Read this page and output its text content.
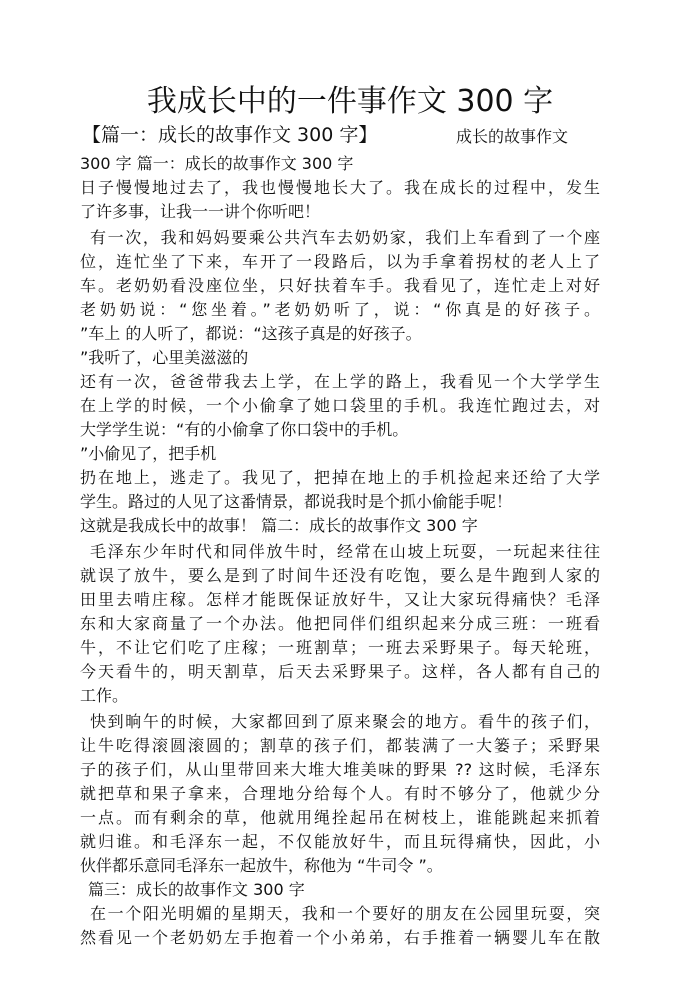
我成长中的一件事作文 300 字
【篇一：成长的故事作文 300 字】	成长的故事作文
300 字 篇一：成长的故事作文 300 字
日子慢慢地过去了，我也慢慢地长大了。我在成长的过程中，发生
了许多事，让我一一讲个你听吧！
有一次，我和妈妈要乘公共汽车去奶奶家，我们上车看到了一个座
位，连忙坐了下来，车开了一段路后，以为手拿着拐杖的老人上了
车。老奶奶看没座位坐，只好扶着车手。我看见了，连忙走上对好
老奶奶说：“您坐着。”老奶奶听了，说：“你真是的好孩子。
”车上 的人听了，都说：“这孩子真是的好孩子。
”我听了，心里美滋滋的
还有一次，爸爸带我去上学，在上学的路上，我看见一个大学学生
在上学的时候，一个小偷拿了她口袋里的手机。我连忙跑过去，对
大学学生说：“有的小偷拿了你口袋中的手机。
”小偷见了，把手机
扔在地上，逃走了。我见了，把掉在地上的手机捡起来还给了大学
学生。路过的人见了这番情景，都说我时是个抓小偷能手呢！
这就是我成长中的故事！ 篇二：成长的故事作文 300 字
毛泽东少年时代和同伴放牛时，经常在山坡上玩耍，一玩起来往往
就误了放牛，要么是到了时间牛还没有吃饱，要么是牛跑到人家的
田里去啃庄稼。怎样才能既保证放好牛，又让大家玩得痛快？毛泽
东和大家商量了一个办法。他把同伴们组织起来分成三班：一班看
牛，不让它们吃了庄稼；一班割草；一班去采野果子。每天轮班，
今天看牛的，明天割草，后天去采野果子。这样，各人都有自己的
工作。
快到晌午的时候，大家都回到了原来聚会的地方。看牛的孩子们，
让牛吃得滚圆滚圆的；割草的孩子们，都装满了一大篓子；采野果
子的孩子们，从山里带回来大堆大堆美味的野果 ?? 这时候，毛泽东
就把草和果子拿来，合理地分给每个人。有时不够分了，他就少分
一点。而有剩余的草，他就用绳拴起吊在树枝上，谁能跳起来抓着
就归谁。和毛泽东一起，不仅能放好牛，而且玩得痛快，因此，小
伙伴都乐意同毛泽东一起放牛，称他为 “牛司令 ”。
篇三：成长的故事作文 300 字
在一个阳光明媚的星期天，我和一个要好的朋友在公园里玩耍，突
然看见一个老奶奶左手抱着一个小弟弟，右手推着一辆婴儿车在散
